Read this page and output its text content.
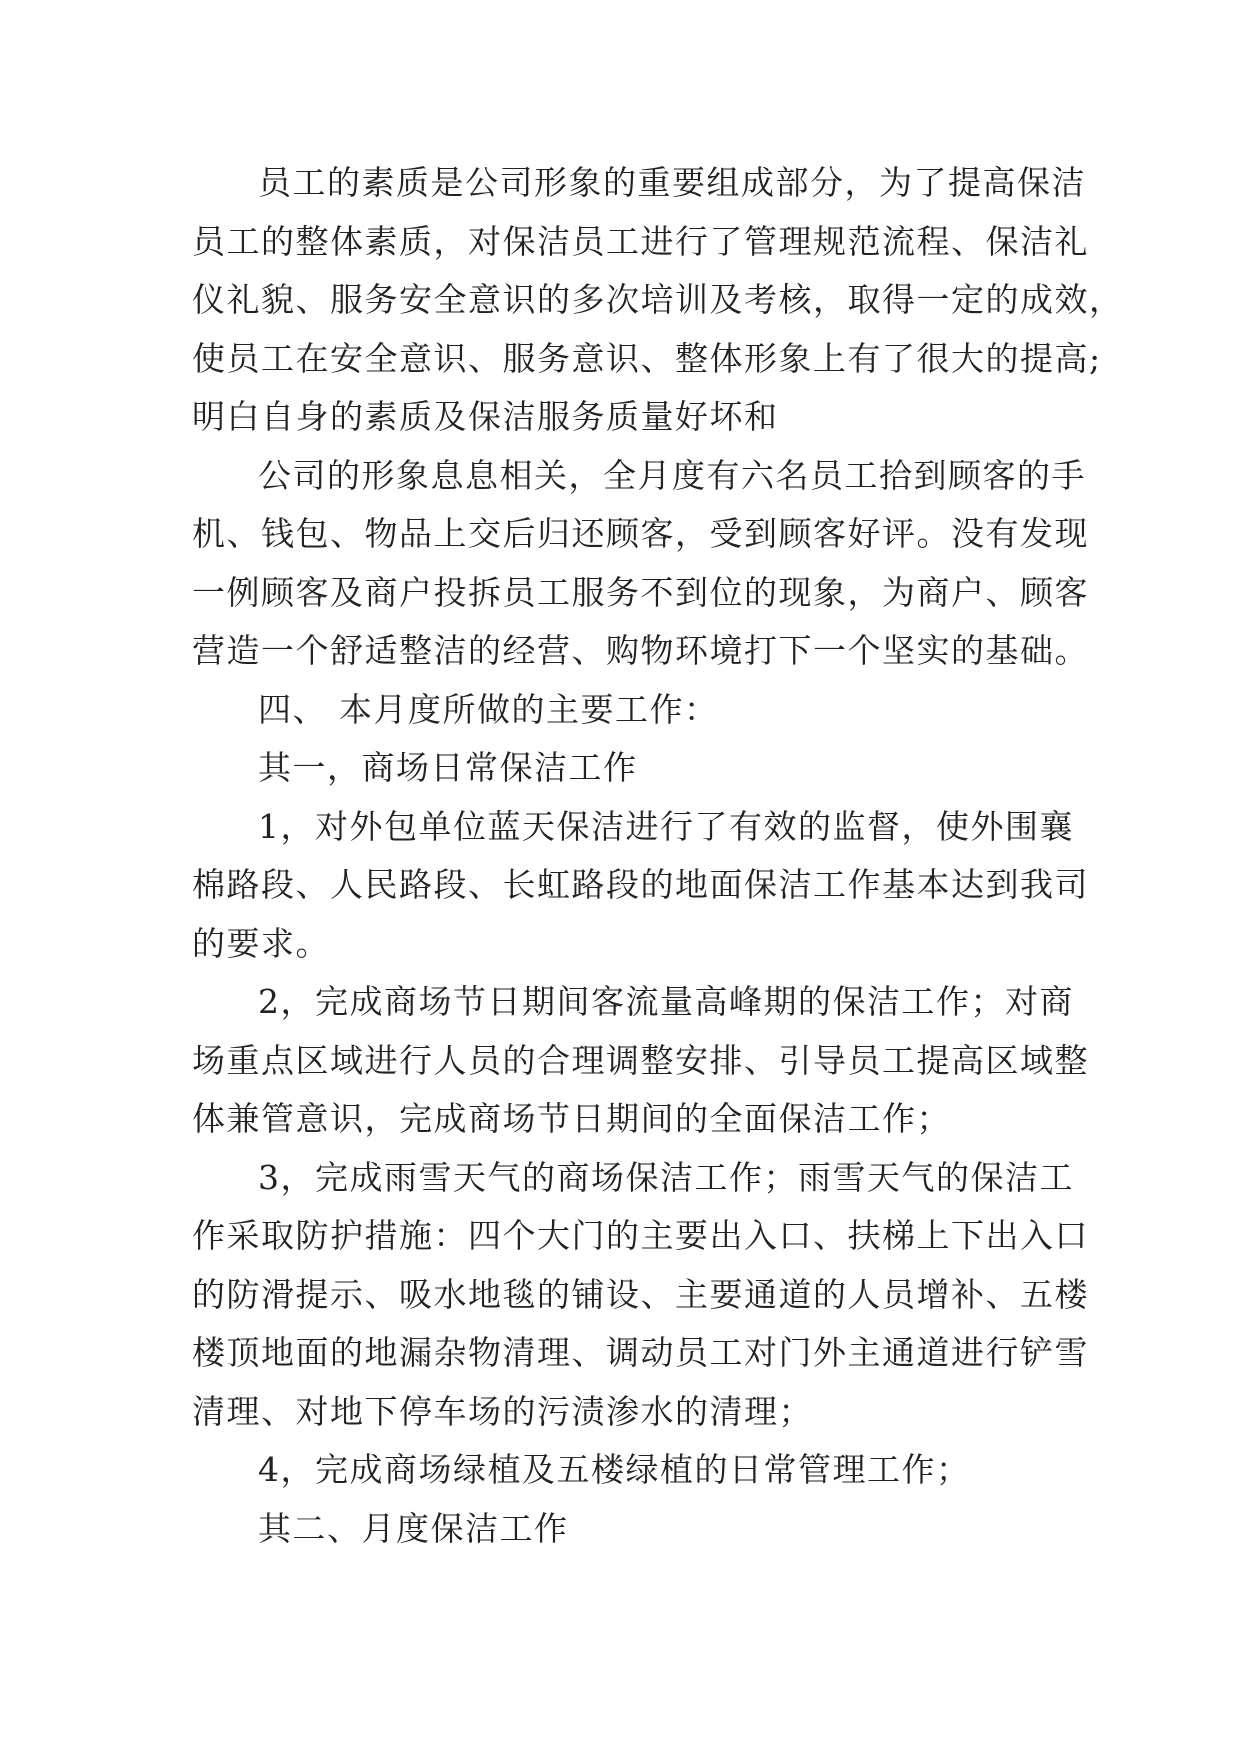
员工的素质是公司形象的重要组成部分，为了提高保洁
员工的整体素质，对保洁员工进行了管理规范流程、保洁礼
仪礼貌、服务安全意识的多次培训及考核，取得一定的成效，
使员工在安全意识、服务意识、整体形象上有了很大的提高;
明白自身的素质及保洁服务质量好坏和
公司的形象息息相关，全月度有六名员工拾到顾客的手
机、钱包、物品上交后归还顾客，受到顾客好评。没有发现
一例顾客及商户投拆员工服务不到位的现象，为商户、顾客
营造一个舒适整洁的经营、购物环境打下一个坚实的基础。
四、 本月度所做的主要工作：
其一，商场日常保洁工作
1，对外包单位蓝天保洁进行了有效的监督，使外围襄
棉路段、人民路段、长虹路段的地面保洁工作基本达到我司
的要求。
2，完成商场节日期间客流量高峰期的保洁工作；对商
场重点区域进行人员的合理调整安排、引导员工提高区域整
体兼管意识，完成商场节日期间的全面保洁工作；
3，完成雨雪天气的商场保洁工作；雨雪天气的保洁工
作采取防护措施：四个大门的主要出入口、扶梯上下出入口
的防滑提示、吸水地毯的铺设、主要通道的人员增补、五楼
楼顶地面的地漏杂物清理、调动员工对门外主通道进行铲雪
清理、对地下停车场的污渍渗水的清理；
4，完成商场绿植及五楼绿植的日常管理工作；
其二、月度保洁工作
